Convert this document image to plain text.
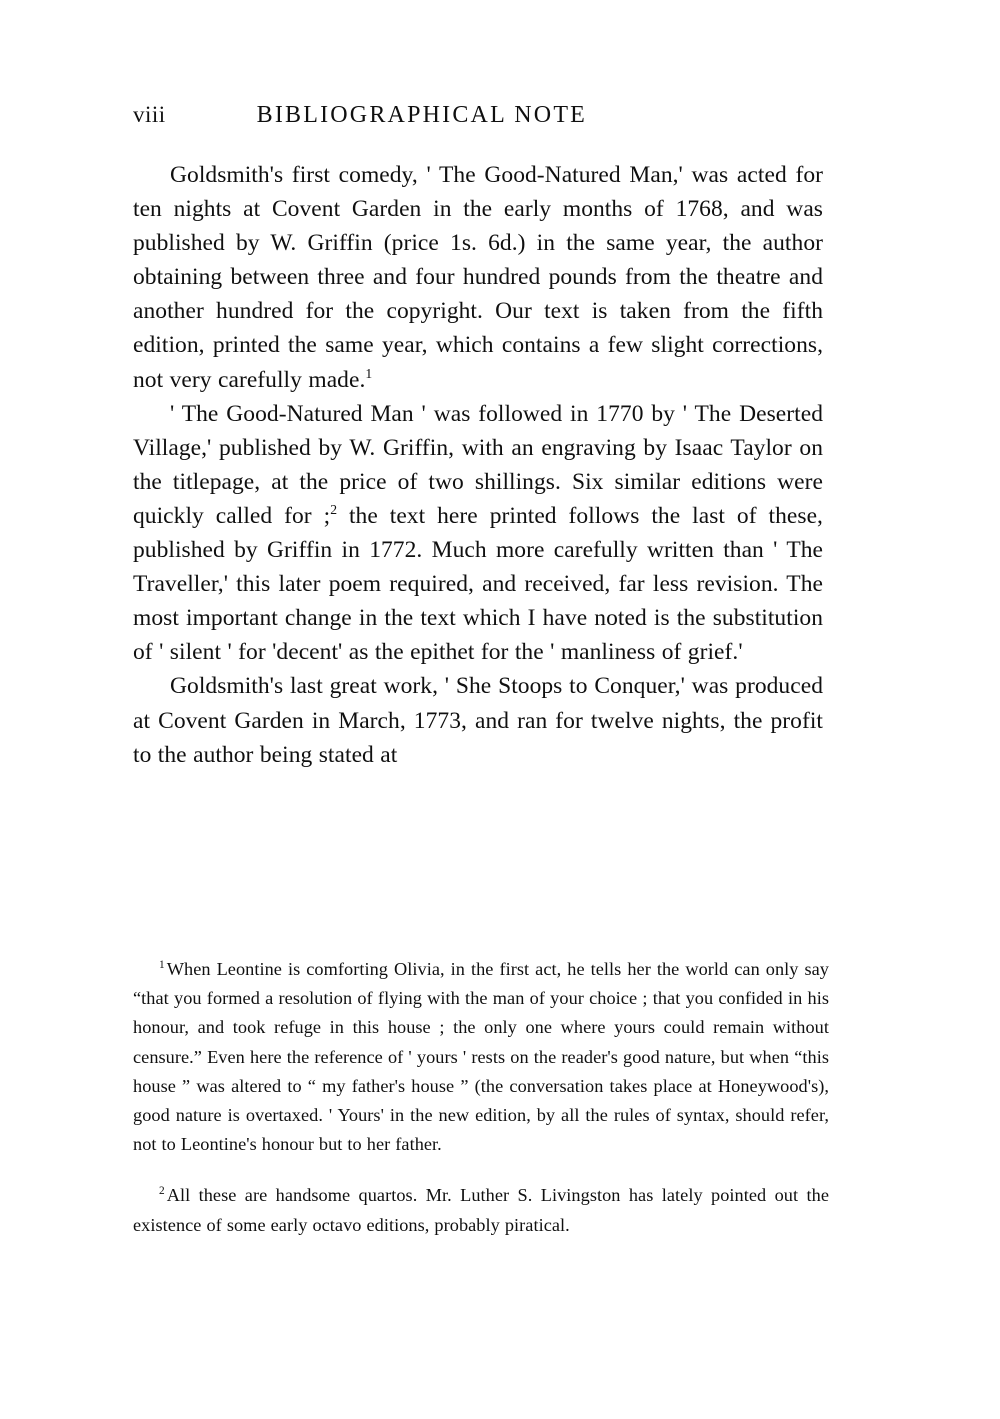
viii	BIBLIOGRAPHICAL NOTE

Goldsmith's first comedy, ' The Good-Natured Man,' was acted for ten nights at Covent Garden in the early months of 1768, and was published by W. Griffin (price 1s. 6d.) in the same year, the author obtaining between three and four hundred pounds from the theatre and another hundred for the copyright. Our text is taken from the fifth edition, printed the same year, which contains a few slight corrections, not very carefully made.$^1$

' The Good-Natured Man ' was followed in 1770 by ' The Deserted Village,' published by W. Griffin, with an engraving by Isaac Taylor on the titlepage, at the price of two shillings. Six similar editions were quickly called for ;$^2$ the text here printed follows the last of these, published by Griffin in 1772. Much more carefully written than ' The Traveller,' this later poem required, and received, far less revision. The most important change in the text which I have noted is the substitution of ' silent ' for 'decent' as the epithet for the ' manliness of grief.'

Goldsmith's last great work, ' She Stoops to Conquer,' was produced at Covent Garden in March, 1773, and ran for twelve nights, the profit to the author being stated at

$^1$ When Leontine is comforting Olivia, in the first act, he tells her the world can only say “that you formed a resolution of flying with the man of your choice ; that you confided in his honour, and took refuge in this house ; the only one where yours could remain without censure.” Even here the reference of ' yours ' rests on the reader's good nature, but when “this house ” was altered to “ my father's house ” (the conversation takes place at Honeywood's), good nature is overtaxed. ' Yours' in the new edition, by all the rules of syntax, should refer, not to Leontine's honour but to her father.

$^2$ All these are handsome quartos. Mr. Luther S. Livingston has lately pointed out the existence of some early octavo editions, probably piratical.
